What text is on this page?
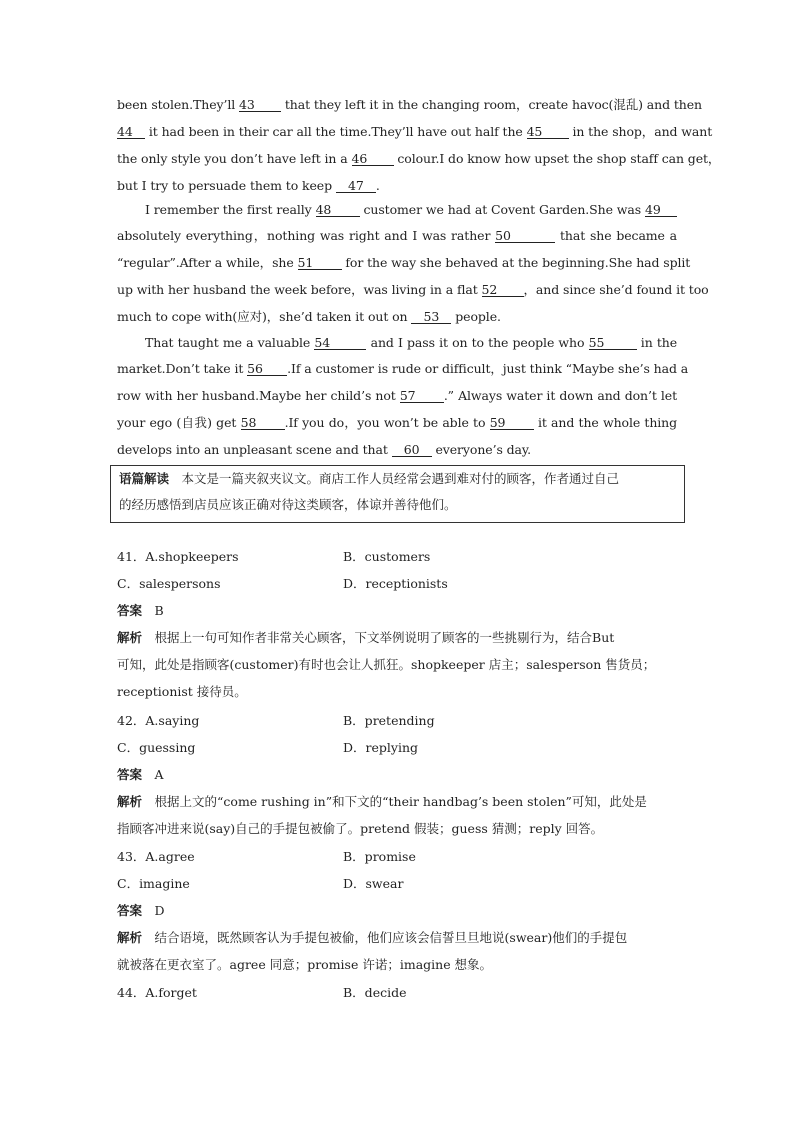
been stolen.They’ll 43 that they left it in the changing room，create havoc(混乱) and then
44 it had been in their car all the time.They’ll have out half the 45 in the shop，and want
the only style you don’t have left in a 46 colour.I do know how upset the shop staff can get，
but I try to persuade them to keep 47 .
I remember the first really 48	customer we had at Covent Garden.She was 49
absolutely everything，nothing was right and I was rather 50	that she became a
“regular”.After a while，she 51	for the way she behaved at the beginning.She had split
up with her husband the week before，was living in a flat 52 ，and since she’d found it too
much to cope with(应对)，she’d taken it out on 53 people.
That taught me a valuable 54	and I pass it on to the people who 55	in the
market.Don’t take it 56 .If a customer is rude or difficult，just think “Maybe she’s had a
row with her husband.Maybe her child’s not 57 .” Always water it down and don’t let
your ego (自我) get 58 .If you do，you won’t be able to 59	it and the whole thing
develops into an unpleasant scene and that 60 everyone’s day.
语篇解读　 本文是一篇夹叙夹议文。商店工作人员经常会遇到难对付的顾客，作者通过自己
的经历感悟到店员应该正确对待这类顾客，体谅并善待他们。
41．A.shopkeepers	B．customers
C．salespersons	D．receptionists
答案　 B
解析　 根据上一句可知作者非常关心顾客，下文举例说明了顾客的一些挑剔行为，结合But
可知，此处是指顾客(customer)有时也会让人抓狂。shopkeeper 店主；salesperson 售货员；
receptionist 接待员。
42．A.saying	B．pretending
C．guessing	D．replying
答案　 A
解析　 根据上文的“come rushing in”和下文的“their handbag’s been stolen”可知，此处是
指顾客冲进来说(say)自己的手提包被偷了。pretend 假装；guess 猜测；reply 回答。
43．A.agree	B．promise
C．imagine	D．swear
答案　 D
解析　 结合语境，既然顾客认为手提包被偷，他们应该会信誓旦旦地说(swear)他们的手提包
就被落在更衣室了。agree 同意；promise 许诺；imagine 想象。
44．A.forget	B．decide
